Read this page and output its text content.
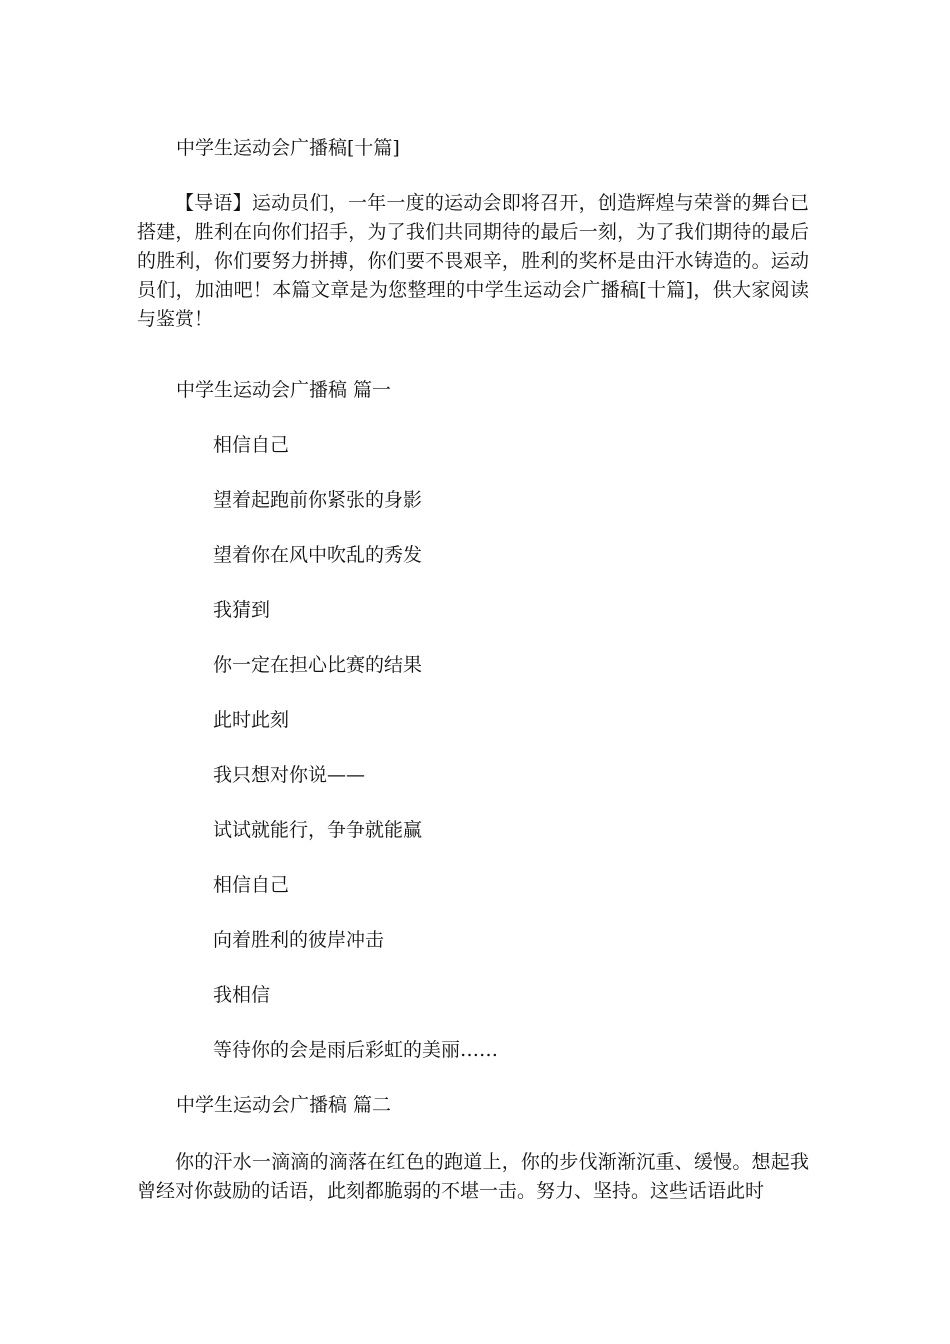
中学生运动会广播稿[十篇]
【导语】运动员们，一年一度的运动会即将召开，创造辉煌与荣誉的舞台已搭建，胜利在向你们招手，为了我们共同期待的最后一刻，为了我们期待的最后的胜利，你们要努力拼搏，你们要不畏艰辛，胜利的奖杯是由汗水铸造的。运动员们，加油吧！本篇文章是为您整理的中学生运动会广播稿[十篇]，供大家阅读与鉴赏！
中学生运动会广播稿 篇一
相信自己
望着起跑前你紧张的身影
望着你在风中吹乱的秀发
我猜到
你一定在担心比赛的结果
此时此刻
我只想对你说——
试试就能行，争争就能赢
相信自己
向着胜利的彼岸冲击
我相信
等待你的会是雨后彩虹的美丽……
中学生运动会广播稿 篇二
你的汗水一滴滴的滴落在红色的跑道上，你的步伐渐渐沉重、缓慢。想起我曾经对你鼓励的话语，此刻都脆弱的不堪一击。努力、坚持。这些话语此时
